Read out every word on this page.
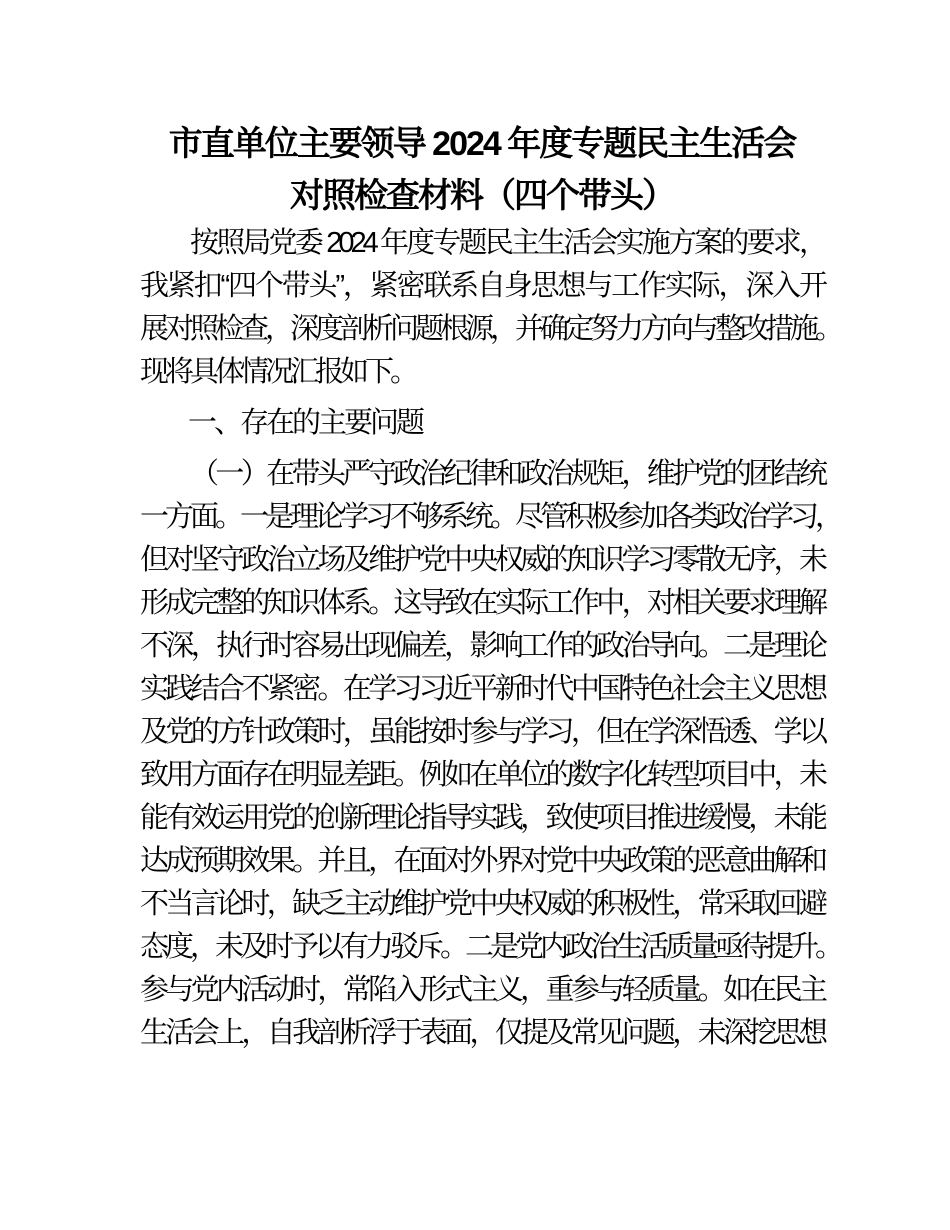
市直单位主要领导 2024 年度专题民主生活会
对照检查材料（四个带头）
按照局党委 2024 年度专题民主生活会实施方案的要求，
我紧扣“四个带头”，紧密联系自身思想与工作实际，深入开
展对照检查，深度剖析问题根源，并确定努力方向与整改措施。
现将具体情况汇报如下。
一、存在的主要问题
（一）在带头严守政治纪律和政治规矩，维护党的团结统
一方面。一是理论学习不够系统。尽管积极参加各类政治学习，
但对坚守政治立场及维护党中央权威的知识学习零散无序，未
形成完整的知识体系。这导致在实际工作中，对相关要求理解
不深，执行时容易出现偏差，影响工作的政治导向。二是理论
实践结合不紧密。在学习习近平新时代中国特色社会主义思想
及党的方针政策时，虽能按时参与学习，但在学深悟透、学以
致用方面存在明显差距。例如在单位的数字化转型项目中，未
能有效运用党的创新理论指导实践，致使项目推进缓慢，未能
达成预期效果。并且，在面对外界对党中央政策的恶意曲解和
不当言论时，缺乏主动维护党中央权威的积极性，常采取回避
态度，未及时予以有力驳斥。二是党内政治生活质量亟待提升。
参与党内活动时，常陷入形式主义，重参与轻质量。如在民主
生活会上，自我剖析浮于表面，仅提及常见问题，未深挖思想
